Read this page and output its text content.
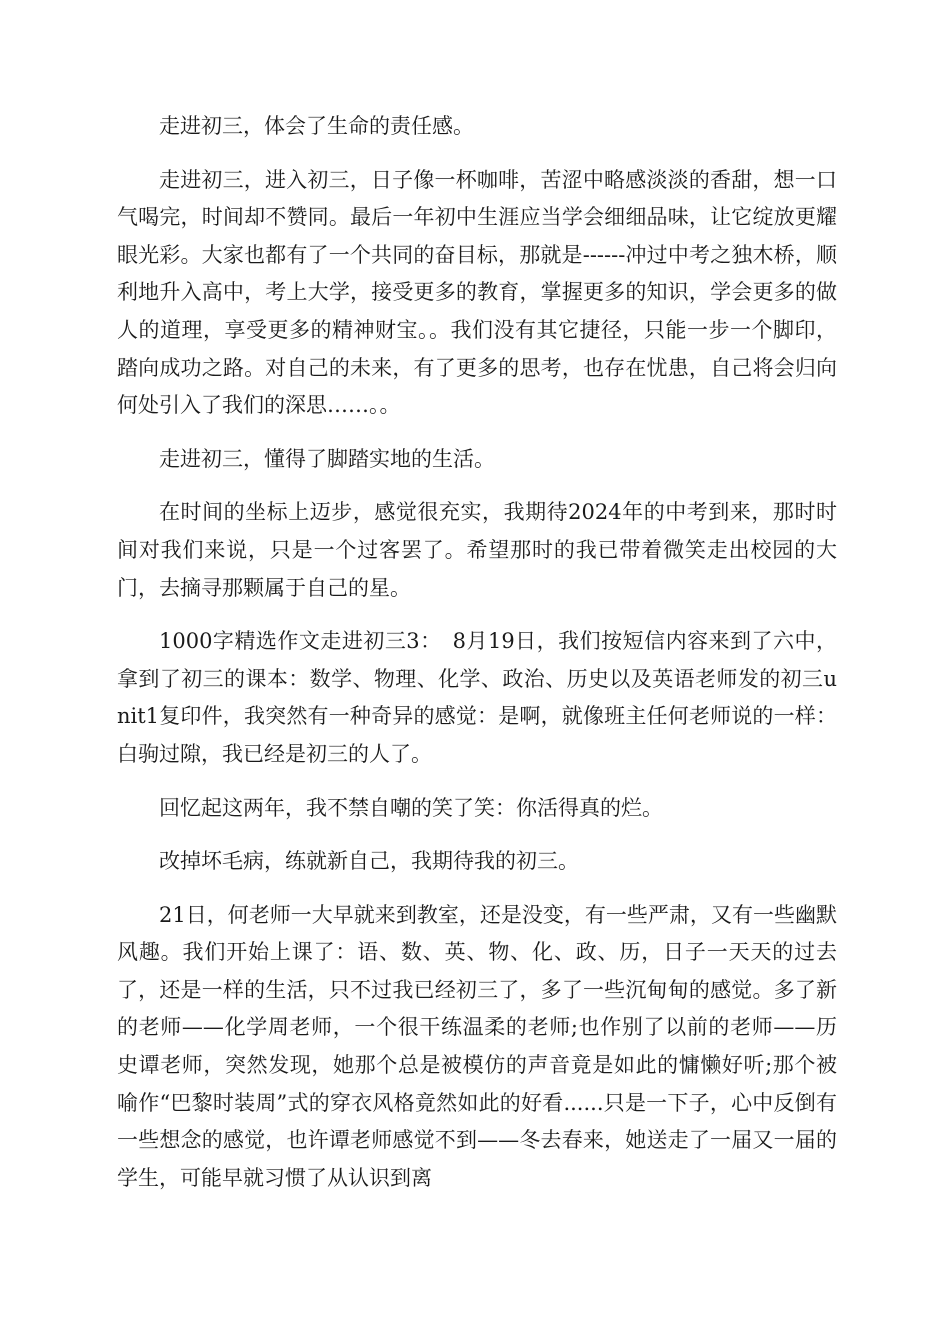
走进初三，体会了生命的责任感。

走进初三，进入初三，日子像一杯咖啡，苦涩中略感淡淡的香甜，想一口气喝完，时间却不赞同。最后一年初中生涯应当学会细细品味，让它绽放更耀眼光彩。大家也都有了一个共同的奋目标，那就是------冲过中考之独木桥，顺利地升入高中，考上大学，接受更多的教育，掌握更多的知识，学会更多的做人的道理，享受更多的精神财宝。。我们没有其它捷径，只能一步一个脚印，踏向成功之路。对自己的未来，有了更多的思考，也存在忧患，自己将会归向何处引入了我们的深思……。。

走进初三，懂得了脚踏实地的生活。

在时间的坐标上迈步，感觉很充实，我期待2024年的中考到来，那时时间对我们来说，只是一个过客罢了。希望那时的我已带着微笑走出校园的大门，去摘寻那颗属于自己的星。

1000字精选作文走进初三3：　8月19日，我们按短信内容来到了六中，拿到了初三的课本：数学、物理、化学、政治、历史以及英语老师发的初三unit1复印件，我突然有一种奇异的感觉：是啊，就像班主任何老师说的一样：白驹过隙，我已经是初三的人了。

回忆起这两年，我不禁自嘲的笑了笑：你活得真的烂。

改掉坏毛病，练就新自己，我期待我的初三。

21日，何老师一大早就来到教室，还是没变，有一些严肃，又有一些幽默风趣。我们开始上课了：语、数、英、物、化、政、历，日子一天天的过去了，还是一样的生活，只不过我已经初三了，多了一些沉甸甸的感觉。多了新的老师——化学周老师，一个很干练温柔的老师;也作别了以前的老师——历史谭老师，突然发现，她那个总是被模仿的声音竟是如此的慵懒好听;那个被喻作“巴黎时装周”式的穿衣风格竟然如此的好看......只是一下子，心中反倒有一些想念的感觉，也许谭老师感觉不到——冬去春来，她送走了一届又一届的学生，可能早就习惯了从认识到离
